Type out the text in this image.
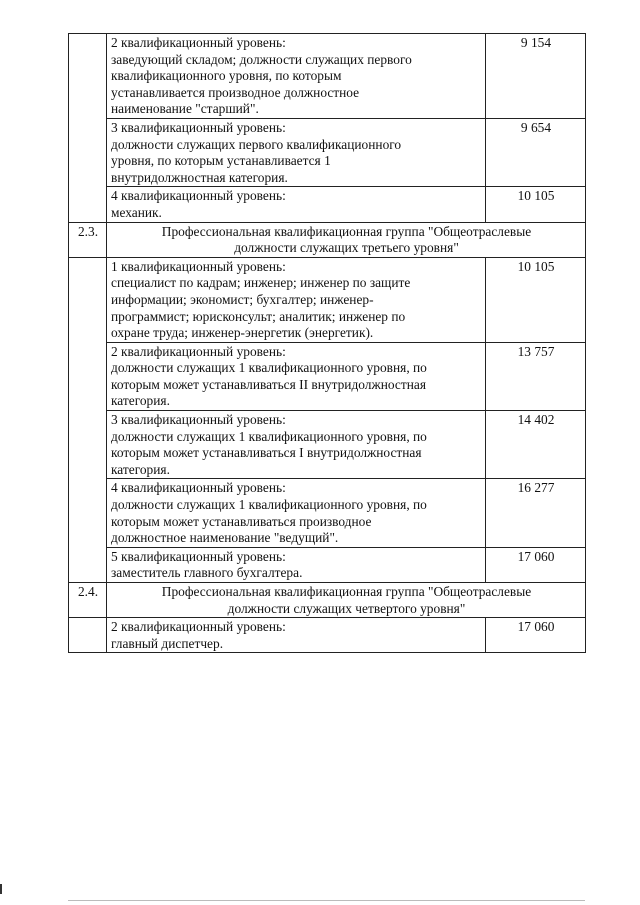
	2 квалификационный уровень:
заведующий складом; должности служащих первого
квалификационного уровня, по которым
устанавливается производное должностное
наименование "старший".	9 154

	3 квалификационный уровень:
должности служащих первого квалификационного
уровня, по которым устанавливается 1
внутридолжностная категория.	9 654

	4 квалификационный уровень:
механик.	10 105
2.3.	Профессиональная квалификационная группа "Общеотраслевые
должности служащих третьего уровня"	

	1 квалификационный уровень:
специалист по кадрам; инженер; инженер по защите
информации; экономист; бухгалтер; инженер-
программист; юрисконсульт; аналитик; инженер по
охране труда; инженер-энергетик (энергетик).	10 105

	2 квалификационный уровень:
должности служащих 1 квалификационного уровня, по
которым может устанавливаться II внутридолжностная
категория.	13 757

	3 квалификационный уровень:
должности служащих 1 квалификационного уровня, по
которым может устанавливаться I внутридолжностная
категория.	14 402

	4 квалификационный уровень:
должности служащих 1 квалификационного уровня, по
которым может устанавливаться производное
должностное наименование "ведущий".	16 277

	5 квалификационный уровень:
заместитель главного бухгалтера.	17 060
2.4.	Профессиональная квалификационная группа "Общеотраслевые
должности служащих четвертого уровня"	

	2 квалификационный уровень:
главный диспетчер.	17 060
